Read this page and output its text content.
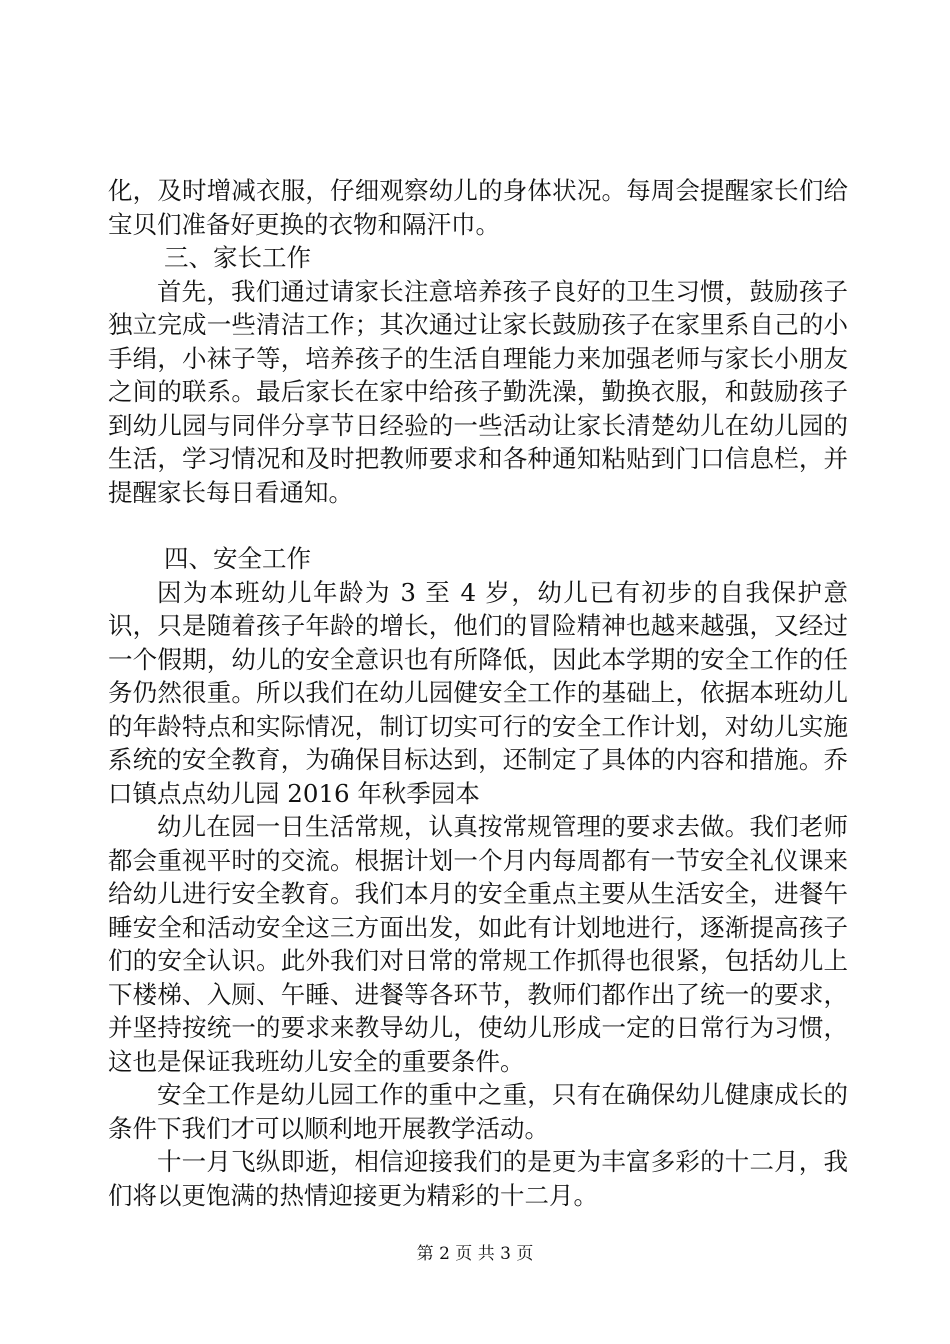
化，及时增减衣服，仔细观察幼儿的身体状况。每周会提醒家长们给宝贝们准备好更换的衣物和隔汗巾。

三、家长工作

首先，我们通过请家长注意培养孩子良好的卫生习惯，鼓励孩子独立完成一些清洁工作；其次通过让家长鼓励孩子在家里系自己的小手绢，小袜子等，培养孩子的生活自理能力来加强老师与家长小朋友之间的联系。最后家长在家中给孩子勤洗澡，勤换衣服，和鼓励孩子到幼儿园与同伴分享节日经验的一些活动让家长清楚幼儿在幼儿园的生活，学习情况和及时把教师要求和各种通知粘贴到门口信息栏，并提醒家长每日看通知。

四、安全工作

因为本班幼儿年龄为 3 至 4 岁，幼儿已有初步的自我保护意识，只是随着孩子年龄的增长，他们的冒险精神也越来越强，又经过一个假期，幼儿的安全意识也有所降低，因此本学期的安全工作的任务仍然很重。所以我们在幼儿园健安全工作的基础上，依据本班幼儿的年龄特点和实际情况，制订切实可行的安全工作计划，对幼儿实施系统的安全教育，为确保目标达到，还制定了具体的内容和措施。乔口镇点点幼儿园 2016 年秋季园本

幼儿在园一日生活常规，认真按常规管理的要求去做。我们老师都会重视平时的交流。根据计划一个月内每周都有一节安全礼仪课来给幼儿进行安全教育。我们本月的安全重点主要从生活安全，进餐午睡安全和活动安全这三方面出发，如此有计划地进行，逐渐提高孩子们的安全认识。此外我们对日常的常规工作抓得也很紧，包括幼儿上下楼梯、入厕、午睡、进餐等各环节，教师们都作出了统一的要求，并坚持按统一的要求来教导幼儿，使幼儿形成一定的日常行为习惯，这也是保证我班幼儿安全的重要条件。

安全工作是幼儿园工作的重中之重，只有在确保幼儿健康成长的条件下我们才可以顺利地开展教学活动。

十一月飞纵即逝，相信迎接我们的是更为丰富多彩的十二月，我们将以更饱满的热情迎接更为精彩的十二月。

第 2 页 共 3 页
